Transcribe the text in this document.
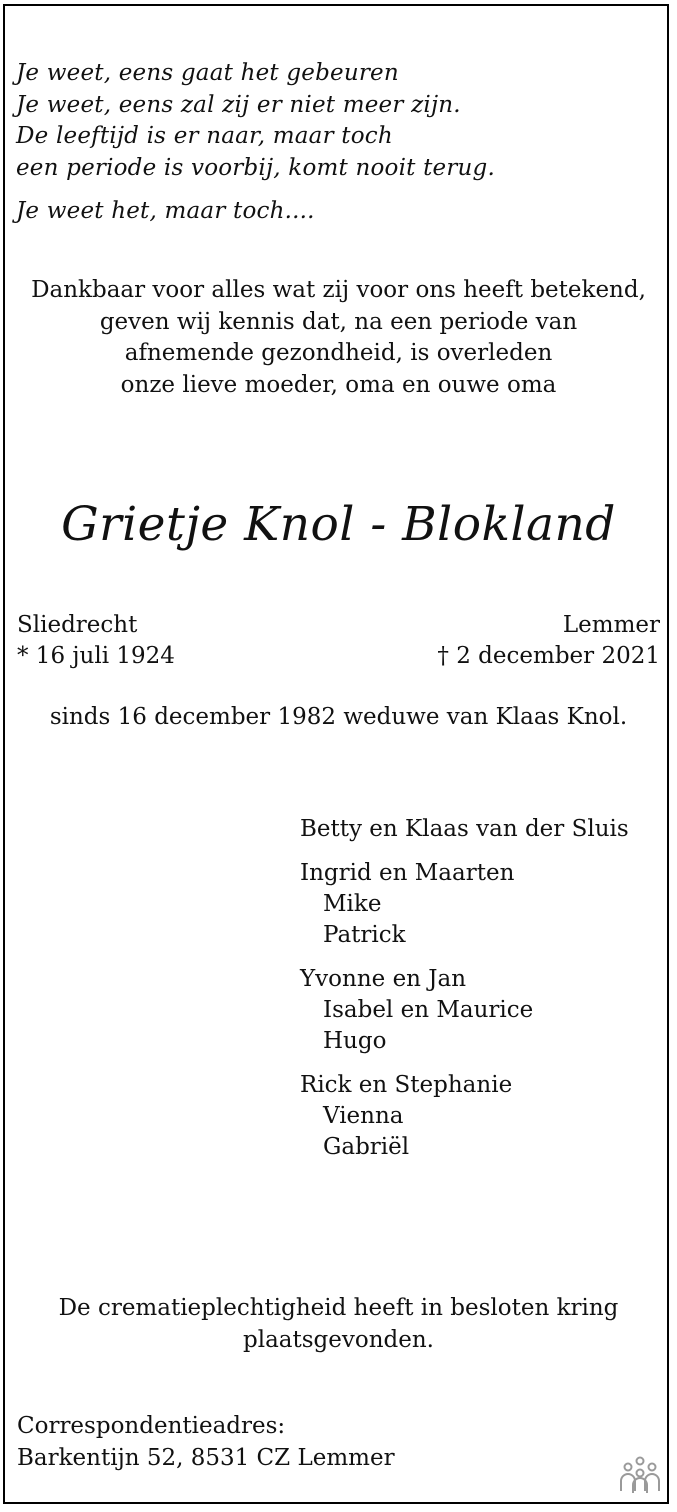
Je weet, eens gaat het gebeuren
Je weet, eens zal zij er niet meer zijn.
De leeftijd is er naar, maar toch
een periode is voorbij, komt nooit terug.
Je weet het, maar toch....
Dankbaar voor alles wat zij voor ons heeft betekend,
geven wij kennis dat, na een periode van
afnemende gezondheid, is overleden
onze lieve moeder, oma en ouwe oma
Grietje Knol - Blokland
Sliedrecht
* 16 juli 1924
Lemmer
† 2 december 2021
sinds 16 december 1982 weduwe van Klaas Knol.
Betty en Klaas van der Sluis
Ingrid en Maarten
Mike
Patrick
Yvonne en Jan
Isabel en Maurice
Hugo
Rick en Stephanie
Vienna
Gabriël
De crematieplechtigheid heeft in besloten kring
plaatsgevonden.
Correspondentieadres:
Barkentijn 52, 8531 CZ Lemmer
